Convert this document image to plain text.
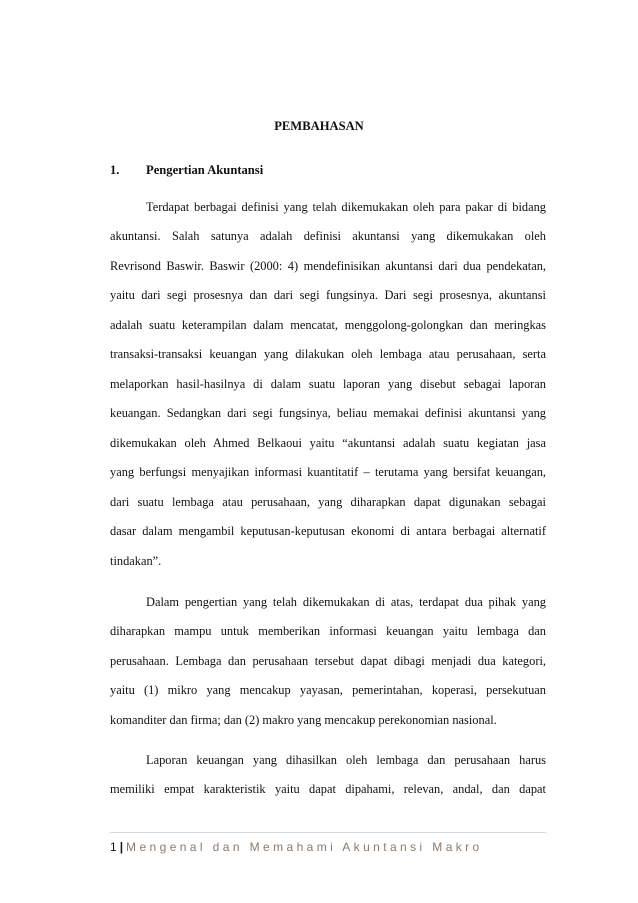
PEMBAHASAN
1. Pengertian Akuntansi
Terdapat berbagai definisi yang telah dikemukakan oleh para pakar di bidang
akuntansi. Salah satunya adalah definisi akuntansi yang dikemukakan oleh
Revrisond Baswir. Baswir (2000: 4) mendefinisikan akuntansi dari dua pendekatan,
yaitu dari segi prosesnya dan dari segi fungsinya. Dari segi prosesnya, akuntansi
adalah suatu keterampilan dalam mencatat, menggolong-golongkan dan meringkas
transaksi-transaksi keuangan yang dilakukan oleh lembaga atau perusahaan, serta
melaporkan hasil-hasilnya di dalam suatu laporan yang disebut sebagai laporan
keuangan. Sedangkan dari segi fungsinya, beliau memakai definisi akuntansi yang
dikemukakan oleh Ahmed Belkaoui yaitu “akuntansi adalah suatu kegiatan jasa
yang berfungsi menyajikan informasi kuantitatif – terutama yang bersifat keuangan,
dari suatu lembaga atau perusahaan, yang diharapkan dapat digunakan sebagai
dasar dalam mengambil keputusan-keputusan ekonomi di antara berbagai alternatif
tindakan”.
Dalam pengertian yang telah dikemukakan di atas, terdapat dua pihak yang
diharapkan mampu untuk memberikan informasi keuangan yaitu lembaga dan
perusahaan. Lembaga dan perusahaan tersebut dapat dibagi menjadi dua kategori,
yaitu (1) mikro yang mencakup yayasan, pemerintahan, koperasi, persekutuan
komanditer dan firma; dan (2) makro yang mencakup perekonomian nasional.
Laporan keuangan yang dihasilkan oleh lembaga dan perusahaan harus
memiliki empat karakteristik yaitu dapat dipahami, relevan, andal, dan dapat
1 | Mengenal dan Memahami Akuntansi Makro
